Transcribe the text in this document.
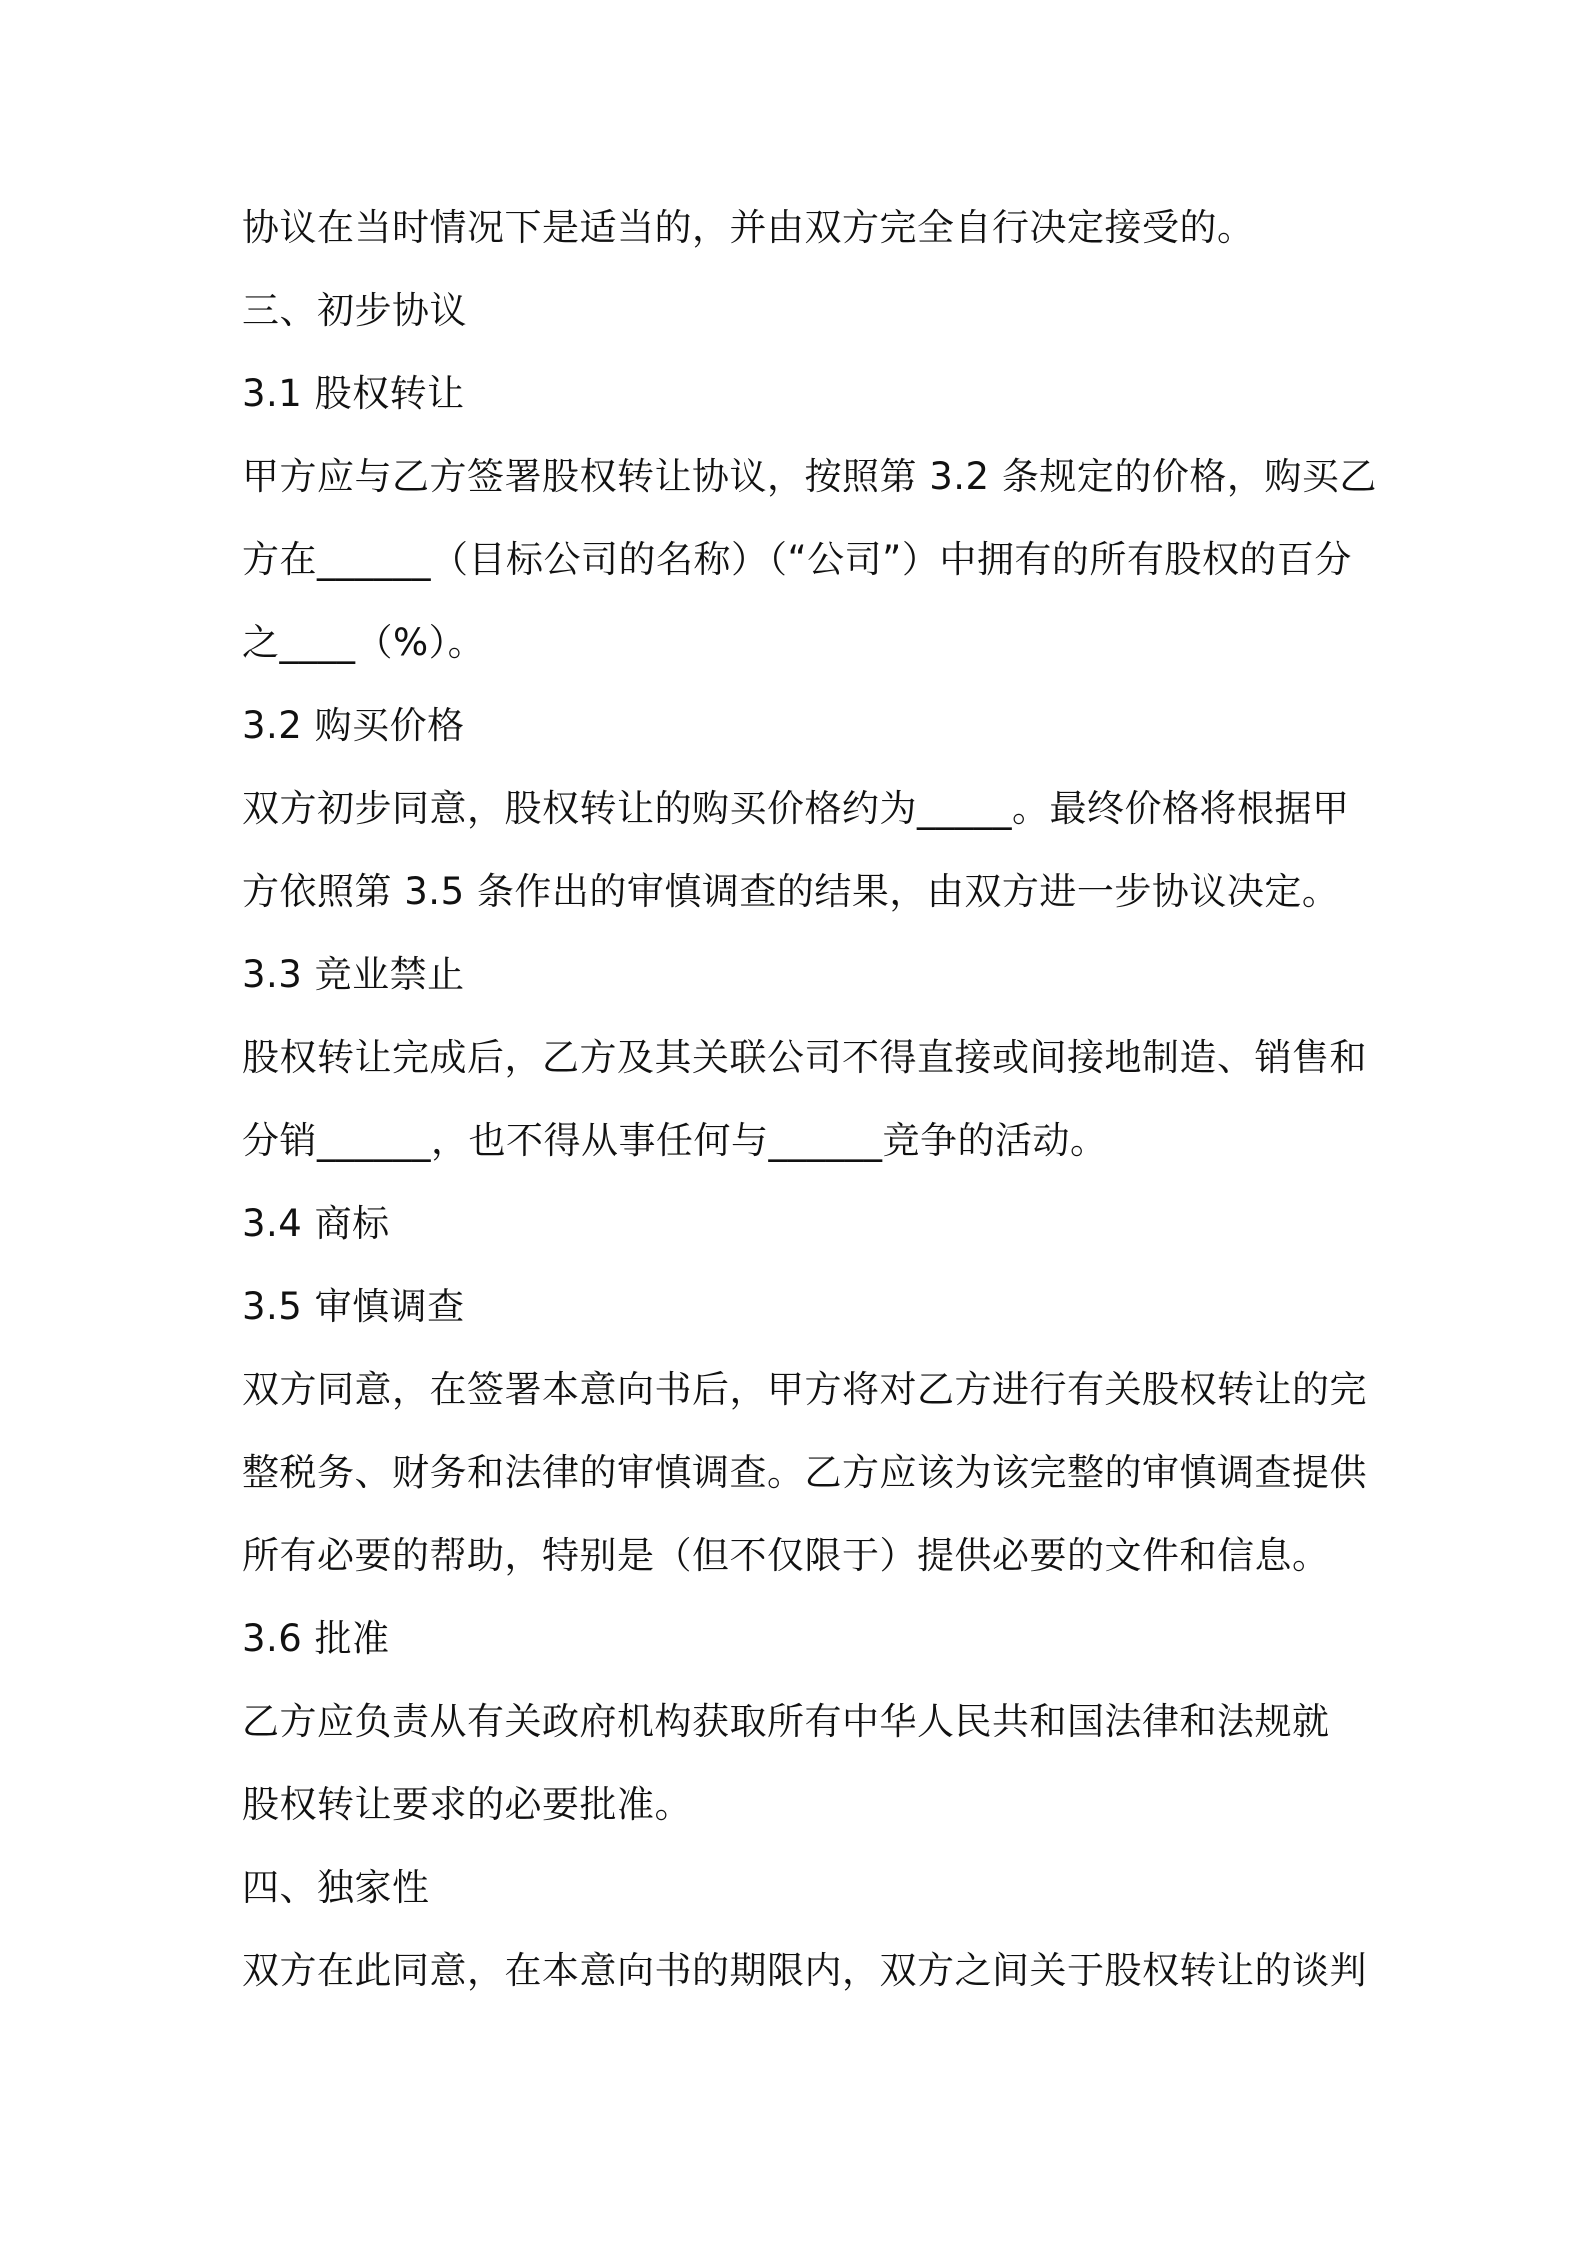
协议在当时情况下是适当的，并由双方完全自行决定接受的。

三、初步协议

3.1 股权转让

甲方应与乙方签署股权转让协议，按照第 3.2 条规定的价格，购买乙

方在______（目标公司的名称）（“公司”）中拥有的所有股权的百分

之____（%）。

3.2 购买价格

双方初步同意，股权转让的购买价格约为_____。最终价格将根据甲

方依照第 3.5 条作出的审慎调查的结果，由双方进一步协议决定。

3.3 竞业禁止

股权转让完成后，乙方及其关联公司不得直接或间接地制造、销售和

分销______，也不得从事任何与______竞争的活动。

3.4 商标

3.5 审慎调查

双方同意，在签署本意向书后，甲方将对乙方进行有关股权转让的完

整税务、财务和法律的审慎调查。乙方应该为该完整的审慎调查提供

所有必要的帮助，特别是（但不仅限于）提供必要的文件和信息。

3.6 批准

乙方应负责从有关政府机构获取所有中华人民共和国法律和法规就

股权转让要求的必要批准。

四、独家性

双方在此同意，在本意向书的期限内，双方之间关于股权转让的谈判
